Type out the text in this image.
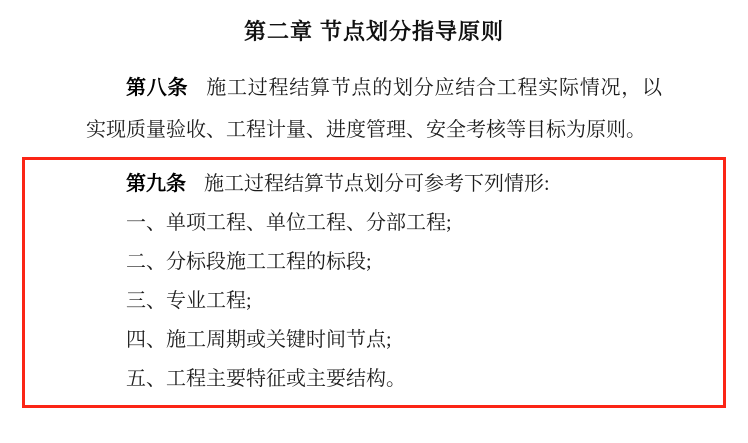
第二章 节点划分指导原则

第八条 施工过程结算节点的划分应结合工程实际情况，以实现质量验收、工程计量、进度管理、安全考核等目标为原则。

第九条 施工过程结算节点划分可参考下列情形:

一、单项工程、单位工程、分部工程;

二、分标段施工工程的标段;

三、专业工程;

四、施工周期或关键时间节点;

五、工程主要特征或主要结构。
